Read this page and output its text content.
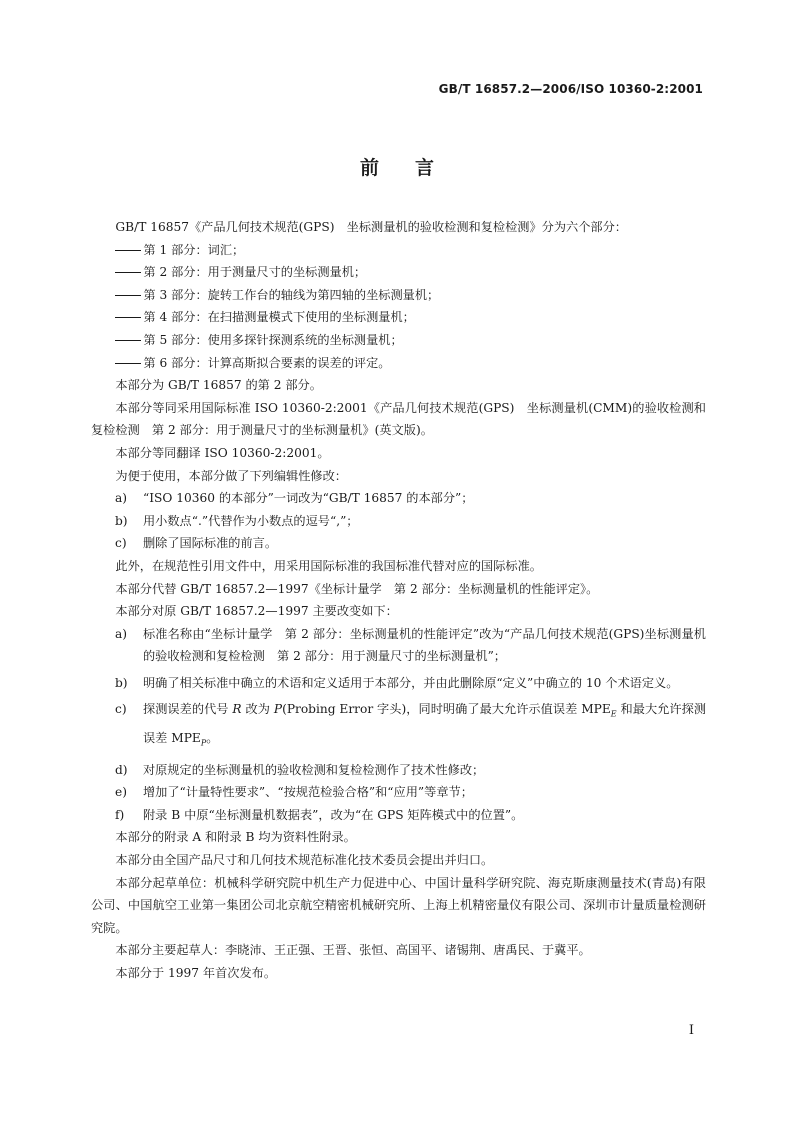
GB/T 16857.2—2006/ISO 10360-2:2001
前言

GB/T 16857《产品几何技术规范(GPS)　坐标测量机的验收检测和复检检测》分为六个部分：

第 1 部分：词汇；

第 2 部分：用于测量尺寸的坐标测量机；

第 3 部分：旋转工作台的轴线为第四轴的坐标测量机；

第 4 部分：在扫描测量模式下使用的坐标测量机；

第 5 部分：使用多探针探测系统的坐标测量机；

第 6 部分：计算高斯拟合要素的误差的评定。

本部分为 GB/T 16857 的第 2 部分。

本部分等同采用国际标准 ISO 10360-2:2001《产品几何技术规范(GPS)　坐标测量机(CMM)的验收检测和复检检测　第 2 部分：用于测量尺寸的坐标测量机》(英文版)。

本部分等同翻译 ISO 10360-2:2001。

为便于使用，本部分做了下列编辑性修改：

a) “ISO 10360 的本部分”一词改为“GB/T 16857 的本部分”；

b) 用小数点“.”代替作为小数点的逗号“,”；

c) 删除了国际标准的前言。

此外，在规范性引用文件中，用采用国际标准的我国标准代替对应的国际标准。

本部分代替 GB/T 16857.2—1997《坐标计量学　第 2 部分：坐标测量机的性能评定》。

本部分对原 GB/T 16857.2—1997 主要改变如下：

a) 标准名称由“坐标计量学　第 2 部分：坐标测量机的性能评定”改为“产品几何技术规范(GPS)坐标测量机的验收检测和复检检测　第 2 部分：用于测量尺寸的坐标测量机”；

b) 明确了相关标准中确立的术语和定义适用于本部分，并由此删除原“定义”中确立的 10 个术语定义。

c) 探测误差的代号 R 改为 P(Probing Error 字头)，同时明确了最大允许示值误差 $MPE_E$ 和最大允许探测误差 $MPE_P$。

d) 对原规定的坐标测量机的验收检测和复检检测作了技术性修改；

e) 增加了“计量特性要求”、“按规范检验合格”和“应用”等章节；

f) 附录 B 中原“坐标测量机数据表”，改为“在 GPS 矩阵模式中的位置”。

本部分的附录 A 和附录 B 均为资料性附录。

本部分由全国产品尺寸和几何技术规范标准化技术委员会提出并归口。

本部分起草单位：机械科学研究院中机生产力促进中心、中国计量科学研究院、海克斯康测量技术(青岛)有限公司、中国航空工业第一集团公司北京航空精密机械研究所、上海上机精密量仪有限公司、深圳市计量质量检测研究院。

本部分主要起草人：李晓沛、王正强、王晋、张恒、高国平、诸锡荆、唐禹民、于冀平。

本部分于 1997 年首次发布。

I
